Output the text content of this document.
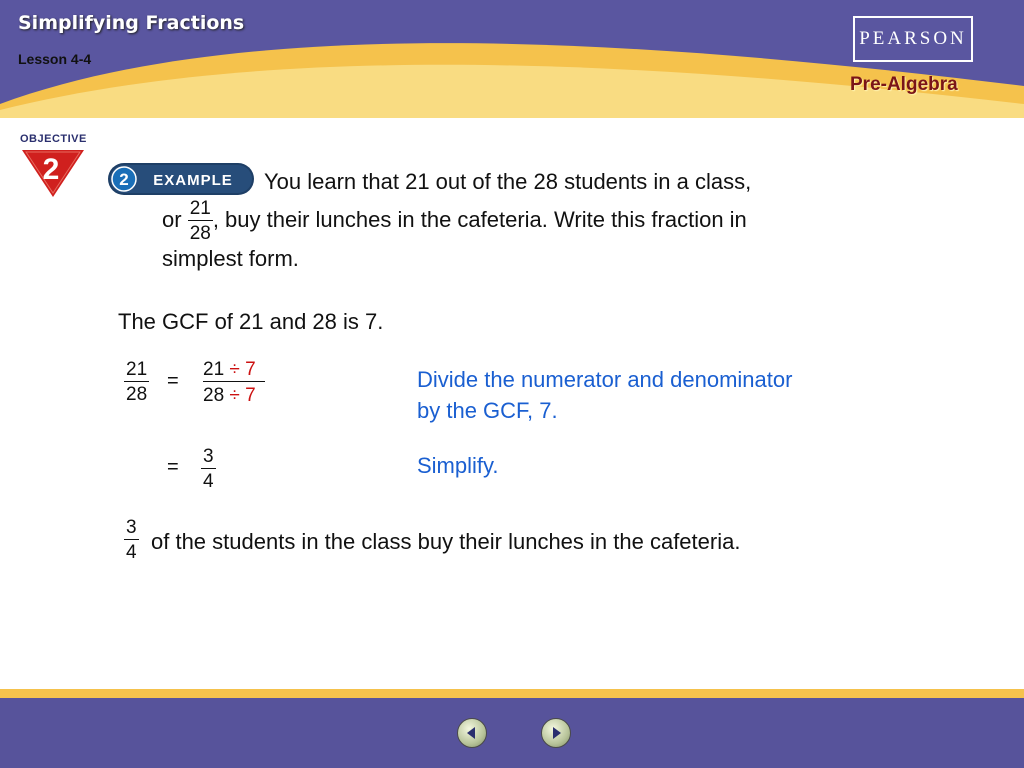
Simplifying Fractions
Lesson 4-4
PEARSON
Pre-Algebra
OBJECTIVE
2	2 EXAMPLE You learn that 21 out of the 28 students in a class,
or $\frac{21}{28}$ , buy their lunches in the cafeteria. Write this fraction in
simplest form.
The GCF of 21 and 28 is 7.
$\frac{21}{28} = \frac{21 \div 7}{28 \div 7}$	Divide the numerator and denominator
by the GCF, 7.
= $\frac{3}{4}$	Simplify.
$\frac{3}{4}$ of the students in the class buy their lunches in the cafeteria.
